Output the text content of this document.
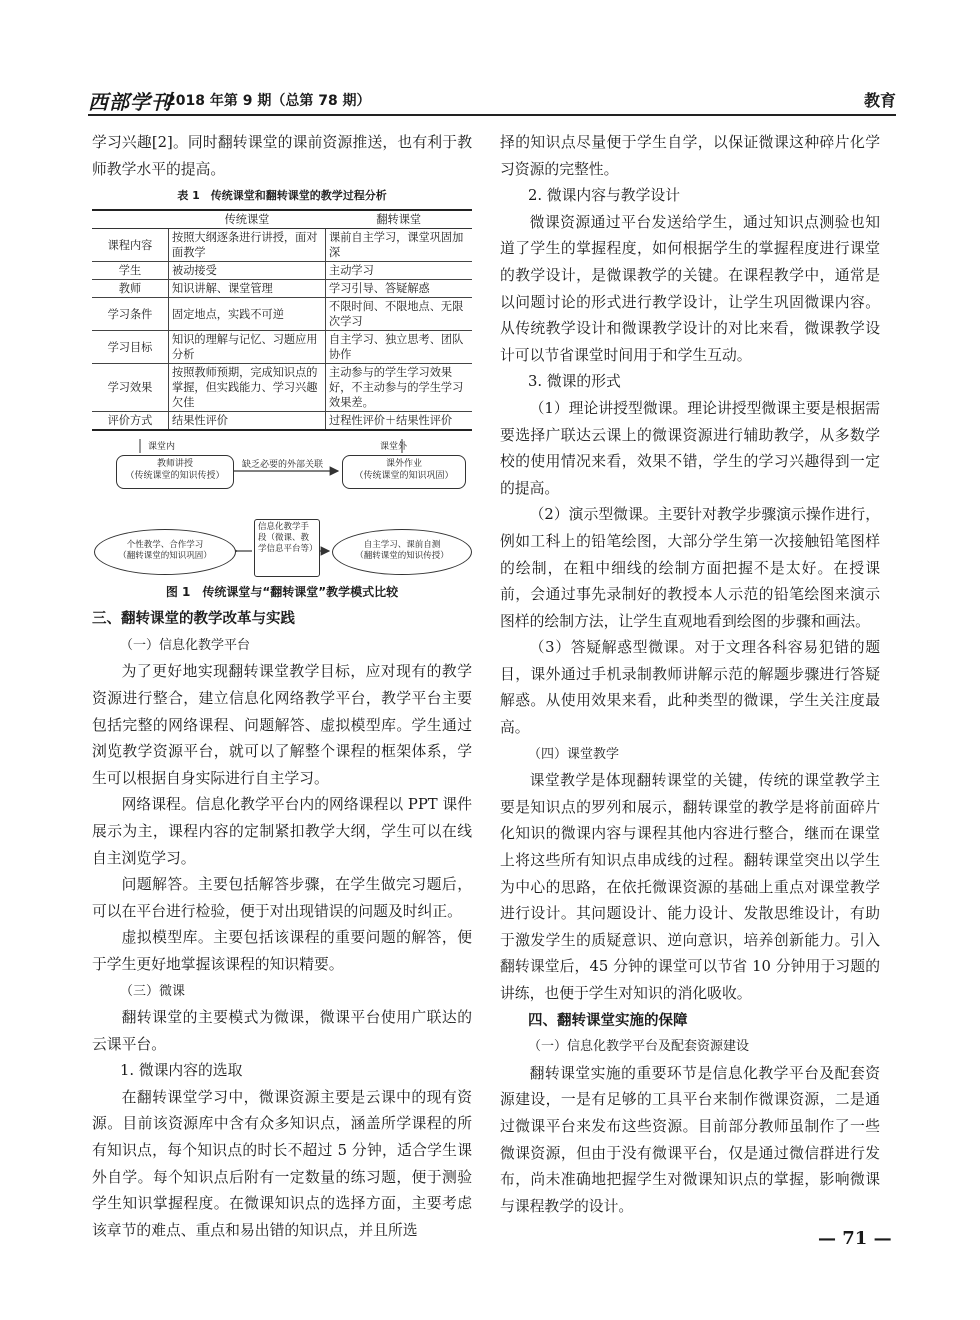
西部学刊
2018 年第 9 期（总第 78 期）	教育

学习兴趣[2]。同时翻转课堂的课前资源推送，也有利于教师教学水平的提高。

表 1　传统课堂和翻转课堂的教学过程分析
	传统课堂	翻转课堂
课程内容	按照大纲逐条进行讲授，面对面教学	课前自主学习，课堂巩固加深
学生	被动接受	主动学习
教师	知识讲解、课堂管理	学习引导、答疑解惑
学习条件	固定地点，实践不可逆	不限时间、不限地点、无限次学习
学习目标	知识的理解与记忆、习题应用分析	自主学习、独立思考、团队协作
学习效果	按照教师预期，完成知识点的掌握，但实践能力、学习兴趣欠佳	主动参与的学生学习效果好，不主动参与的学生学习效果差。
评价方式	结果性评价	过程性评价＋结果性评价
课堂内	课堂外
教师讲授
（传统课堂的知识传授）
缺乏必要的外部关联	课外作业
（传统课堂的知识巩固）
个性教学、合作学习
（翻转课堂的知识巩固）
信息化教学手段（微课、教学信息平台等）	自主学习、课前自测
（翻转课堂的知识传授）
图 1　传统课堂与“翻转课堂”教学模式比较

三、翻转课堂的教学改革与实践

（一）信息化教学平台

为了更好地实现翻转课堂教学目标，应对现有的教学资源进行整合，建立信息化网络教学平台，教学平台主要包括完整的网络课程、问题解答、虚拟模型库。学生通过浏览教学资源平台，就可以了解整个课程的框架体系，学生可以根据自身实际进行自主学习。

网络课程。信息化教学平台内的网络课程以 PPT 课件展示为主，课程内容的定制紧扣教学大纲，学生可以在线自主浏览学习。

问题解答。主要包括解答步骤，在学生做完习题后，可以在平台进行检验，便于对出现错误的问题及时纠正。

虚拟模型库。主要包括该课程的重要问题的解答，便于学生更好地掌握该课程的知识精要。

（三）微课

翻转课堂的主要模式为微课，微课平台使用广联达的云课平台。

1. 微课内容的选取

在翻转课堂学习中，微课资源主要是云课中的现有资源。目前该资源库中含有众多知识点，涵盖所学课程的所有知识点，每个知识点的时长不超过 5 分钟，适合学生课外自学。每个知识点后附有一定数量的练习题，便于测验学生知识掌握程度。在微课知识点的选择方面，主要考虑该章节的难点、重点和易出错的知识点，并且所选

择的知识点尽量便于学生自学，以保证微课这种碎片化学习资源的完整性。

2. 微课内容与教学设计

微课资源通过平台发送给学生，通过知识点测验也知道了学生的掌握程度，如何根据学生的掌握程度进行课堂的教学设计，是微课教学的关键。在课程教学中，通常是以问题讨论的形式进行教学设计，让学生巩固微课内容。从传统教学设计和微课教学设计的对比来看，微课教学设计可以节省课堂时间用于和学生互动。

3. 微课的形式

（1）理论讲授型微课。理论讲授型微课主要是根据需要选择广联达云课上的微课资源进行辅助教学，从多数学校的使用情况来看，效果不错，学生的学习兴趣得到一定的提高。

（2）演示型微课。主要针对教学步骤演示操作进行，例如工科上的铅笔绘图，大部分学生第一次接触铅笔图样的绘制，在粗中细线的绘制方面把握不是太好。在授课前，会通过事先录制好的教授本人示范的铅笔绘图来演示图样的绘制方法，让学生直观地看到绘图的步骤和画法。

（3）答疑解惑型微课。对于文理各科容易犯错的题目，课外通过手机录制教师讲解示范的解题步骤进行答疑解惑。从使用效果来看，此种类型的微课，学生关注度最高。

（四）课堂教学

课堂教学是体现翻转课堂的关键，传统的课堂教学主要是知识点的罗列和展示，翻转课堂的教学是将前面碎片化知识的微课内容与课程其他内容进行整合，继而在课堂上将这些所有知识点串成线的过程。翻转课堂突出以学生为中心的思路，在依托微课资源的基础上重点对课堂教学进行设计。其问题设计、能力设计、发散思维设计，有助于激发学生的质疑意识、逆向意识，培养创新能力。引入翻转课堂后，45 分钟的课堂可以节省 10 分钟用于习题的讲练，也便于学生对知识的消化吸收。

四、翻转课堂实施的保障

（一）信息化教学平台及配套资源建设

翻转课堂实施的重要环节是信息化教学平台及配套资源建设，一是有足够的工具平台来制作微课资源，二是通过微课平台来发布这些资源。目前部分教师虽制作了一些微课资源，但由于没有微课平台，仅是通过微信群进行发布，尚未准确地把握学生对微课知识点的掌握，影响微课与课程教学的设计。

— 71 —
